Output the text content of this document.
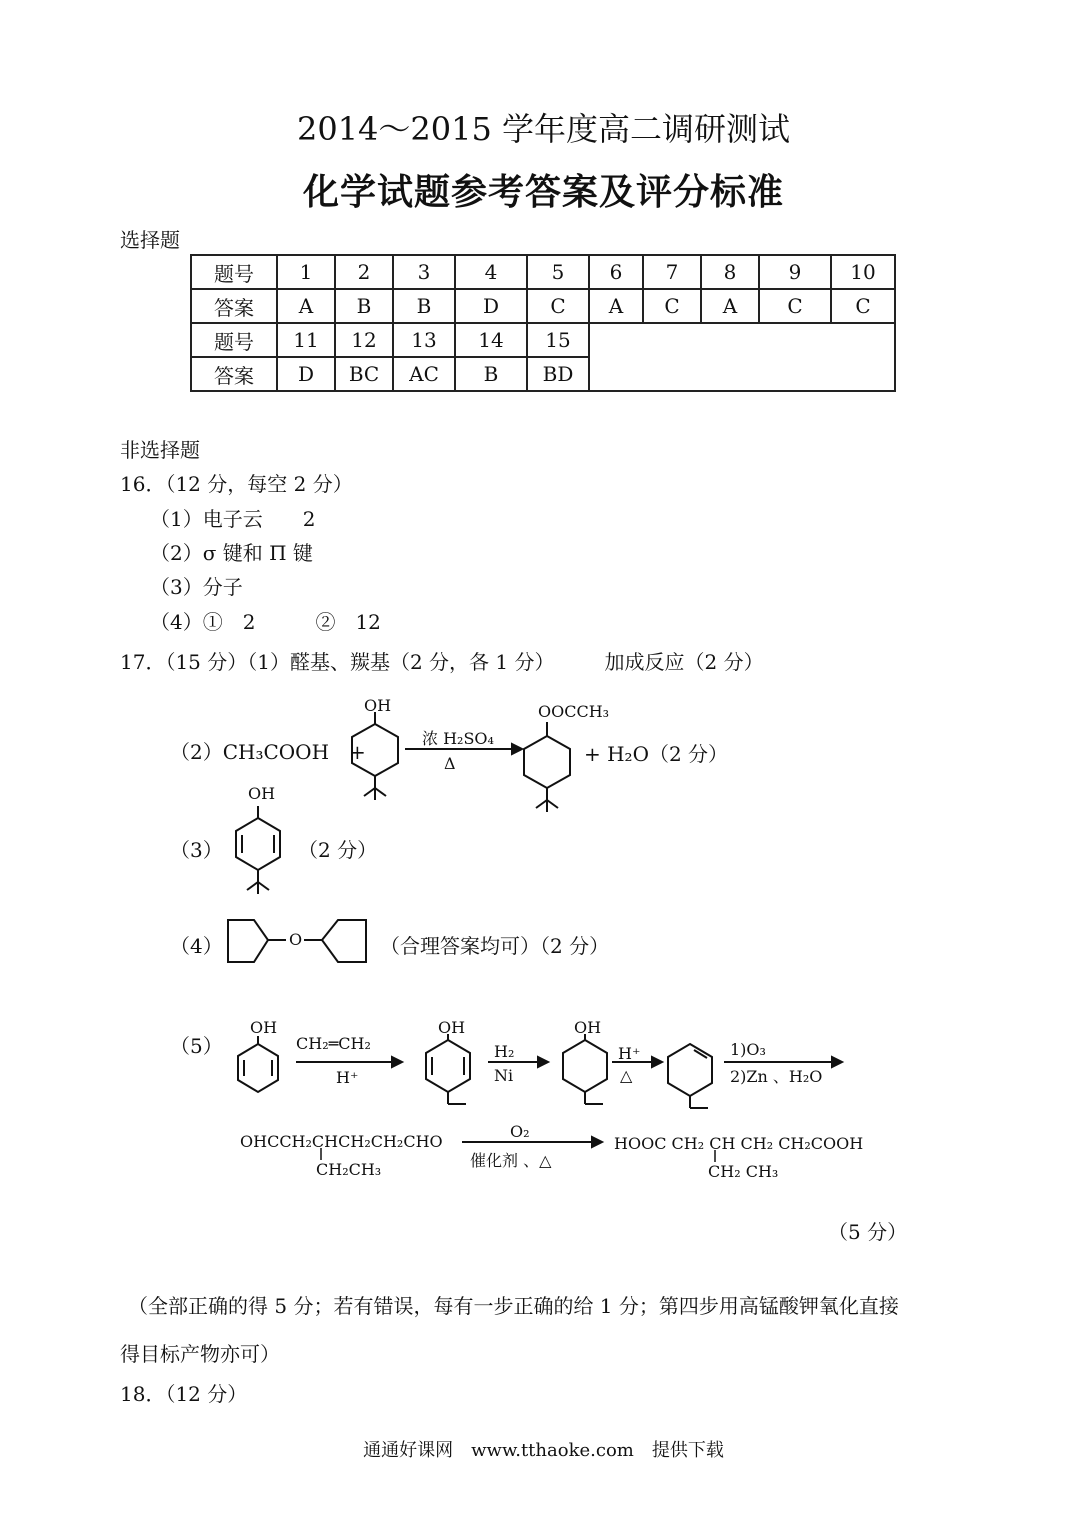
2014～2015 学年度高二调研测试
化学试题参考答案及评分标准
选择题
题号	1	2	3	4	5	6	7	8	9	10
答案	A	B	B	D	C	A	C	A	C	C
题号	11	12	13	14	15					
答案	D	BC	AC	B	BD					
非选择题
16．（12 分，每空 2 分）
（1）电子云　　2
（2）σ 键和 Π 键
（3）分子
（4）①　2　　　②　12
17．（15 分）（1）醛基、羰基（2 分，各 1 分）　　　加成反应（2 分）
（2）CH₃COOH　+
OH
浓 H₂SO₄
Δ
OOCCH₃
+ H₂O（2 分）
（3）
OH
（2 分）
（4）	O	（合理答案均可）（2 分）
（5）
OH
CH₂═CH₂
H⁺
OH
H₂
Ni
OH
H⁺
△
1)O₃
2)Zn 、H₂O
OHCCH₂CHCH₂CH₂CHO
CH₂CH₃
O₂
催化剂 、△
HOOC CH₂ CH CH₂ CH₂COOH
CH₂ CH₃
（5 分）
（全部正确的得 5 分；若有错误，每有一步正确的给 1 分；第四步用高锰酸钾氧化直接
得目标产物亦可）
18．（12 分）
通通好课网　www.tthaoke.com　提供下载
